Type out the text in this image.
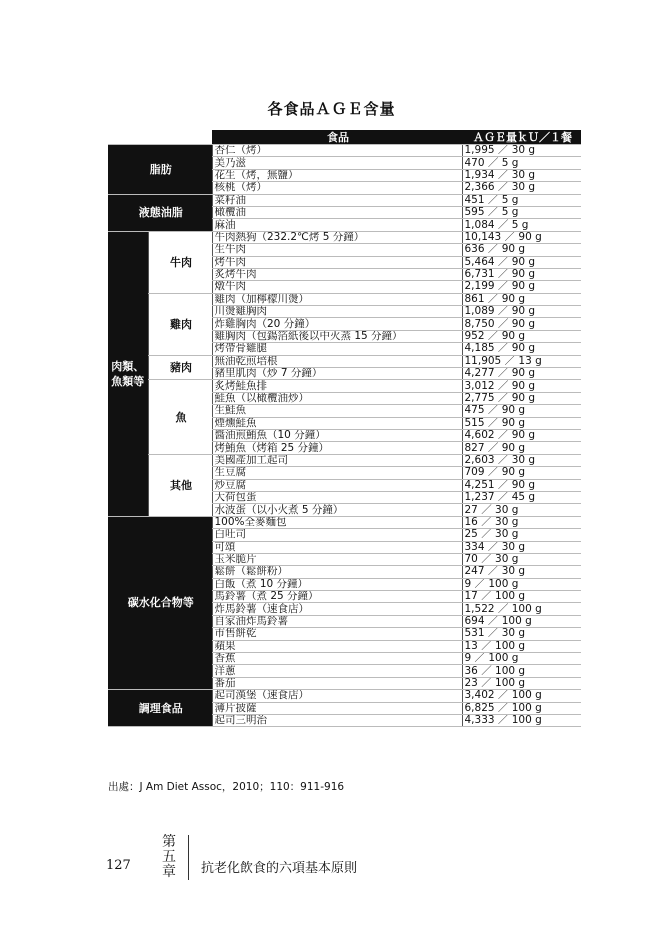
各食品ＡＧＥ含量
		食品	ＡＧＥ量ｋＵ／１餐
脂肪		杏仁（烤）	1,995 ／ 30 g
		美乃滋	470 ／ 5 g
		花生（烤，無鹽）	1,934 ／ 30 g
		核桃（烤）	2,366 ／ 30 g
液態油脂		菜籽油	451 ／ 5 g
		橄欖油	595 ／ 5 g
		麻油	1,084 ／ 5 g
肉類、魚類等	牛肉	牛肉熱狗（232.2℃烤 5 分鐘）	10,143 ／ 90 g
		生牛肉	636 ／ 90 g
		烤牛肉	5,464 ／ 90 g
		炙烤牛肉	6,731 ／ 90 g
		燉牛肉	2,199 ／ 90 g
	雞肉	雞肉（加檸檬川燙）	861 ／ 90 g
		川燙雞胸肉	1,089 ／ 90 g
		炸雞胸肉（20 分鐘）	8,750 ／ 90 g
		雞胸肉（包鍚箔紙後以中火蒸 15 分鐘）	952 ／ 90 g
		烤帶骨雞腿	4,185 ／ 90 g
	豬肉	無油乾煎培根	11,905 ／ 13 g
		豬里肌肉（炒 7 分鐘）	4,277 ／ 90 g
	魚	炙烤鮭魚排	3,012 ／ 90 g
		鮭魚（以橄欖油炒）	2,775 ／ 90 g
		生鮭魚	475 ／ 90 g
		煙燻鮭魚	515 ／ 90 g
		醬油煎鮪魚（10 分鐘）	4,602 ／ 90 g
		烤鮪魚（烤箱 25 分鐘）	827 ／ 90 g
	其他	美國產加工起司	2,603 ／ 30 g
		生豆腐	709 ／ 90 g
		炒豆腐	4,251 ／ 90 g
		大荷包蛋	1,237 ／ 45 g
		水波蛋（以小火煮 5 分鐘）	27 ／ 30 g
碳水化合物等		100%全麥麵包	16 ／ 30 g
		白吐司	25 ／ 30 g
		可頌	334 ／ 30 g
		玉米脆片	70 ／ 30 g
		鬆餅（鬆餅粉）	247 ／ 30 g
		白飯（煮 10 分鐘）	9 ／ 100 g
		馬鈴薯（煮 25 分鐘）	17 ／ 100 g
		炸馬鈴薯（速食店）	1,522 ／ 100 g
		自家油炸馬鈴薯	694 ／ 100 g
		市售餅乾	531 ／ 30 g
		蘋果	13 ／ 100 g
		香蕉	9 ／ 100 g
		洋蔥	36 ／ 100 g
		番茄	23 ／ 100 g
調理食品		起司漢堡（速食店）	3,402 ／ 100 g
		薄片披薩	6,825 ／ 100 g
		起司三明治	4,333 ／ 100 g
出處：J Am Diet Assoc，2010；110：911-916
127
第
五
章	抗老化飲食的六項基本原則
